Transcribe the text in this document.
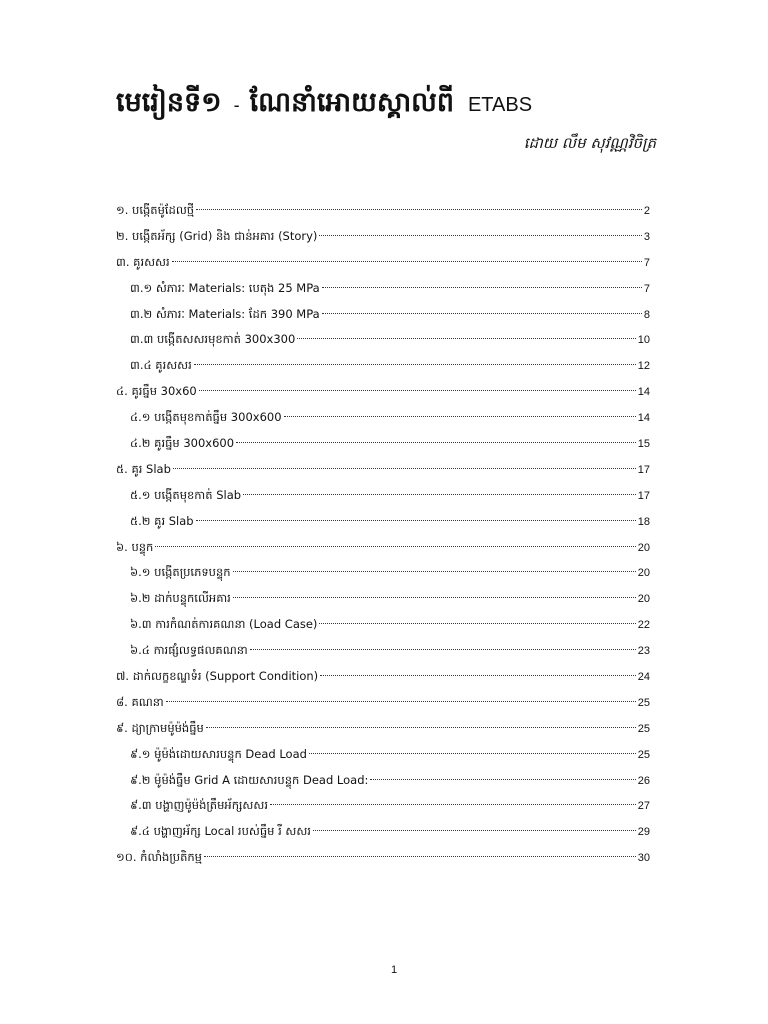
មេរៀនទី១ - ណែនាំអោយស្គាល់ពី ETABS
ដោយ លឹម សុវណ្ណវិចិត្រ
១. បង្កើតម៉ូដែលថ្មី	2
២. បង្កើតអ័ក្ស (Grid) និង ជាន់អគារ (Story)	3
៣. គូរសសរ	7
៣.១ សំភារៈ Materials: បេតុង 25 MPa	7
៣.២ សំភារៈ Materials: ដែក 390 MPa	8
៣.៣ បង្កើតសសរមុខកាត់ 300x300	10
៣.៤ គូរសសរ	12
៤. គូរធ្នឹម 30x60	14
៤.១ បង្កើតមុខកាត់ធ្នឹម 300x600	14
៤.២ គូរធ្នឹម 300x600	15
៥. គូរ Slab	17
៥.១ បង្កើតមុខកាត់ Slab	17
៥.២ គូរ Slab	18
៦. បន្ទុក	20
៦.១ បង្កើតប្រភេទបន្ទុក	20
៦.២ ដាក់បន្ទុកលើអគារ	20
៦.៣ ការកំណត់ការគណនា (Load Case)	22
៦.៤ ការផ្សំលទ្ធផលគណនា	23
៧. ដាក់លក្ខខណ្ឌទំរ (Support Condition)	24
៨. គណនា	25
៩. ដ្យាក្រាមម៉ូម៉ង់ធ្នឹម	25
៩.១ ម៉ូម៉ង់ដោយសារបន្ទុក Dead Load	25
៩.២ ម៉ូម៉ង់ធ្នឹម Grid A ដោយសារបន្ទុក Dead Load:	26
៩.៣ បង្ហាញម៉ូម៉ង់ត្រឹមអ័ក្សសសរ	27
៩.៤ បង្ហាញអ័ក្ស Local របស់ធ្នឹម រឺ សសរ	29
១០. កំលាំងប្រតិកម្ម	30
1
